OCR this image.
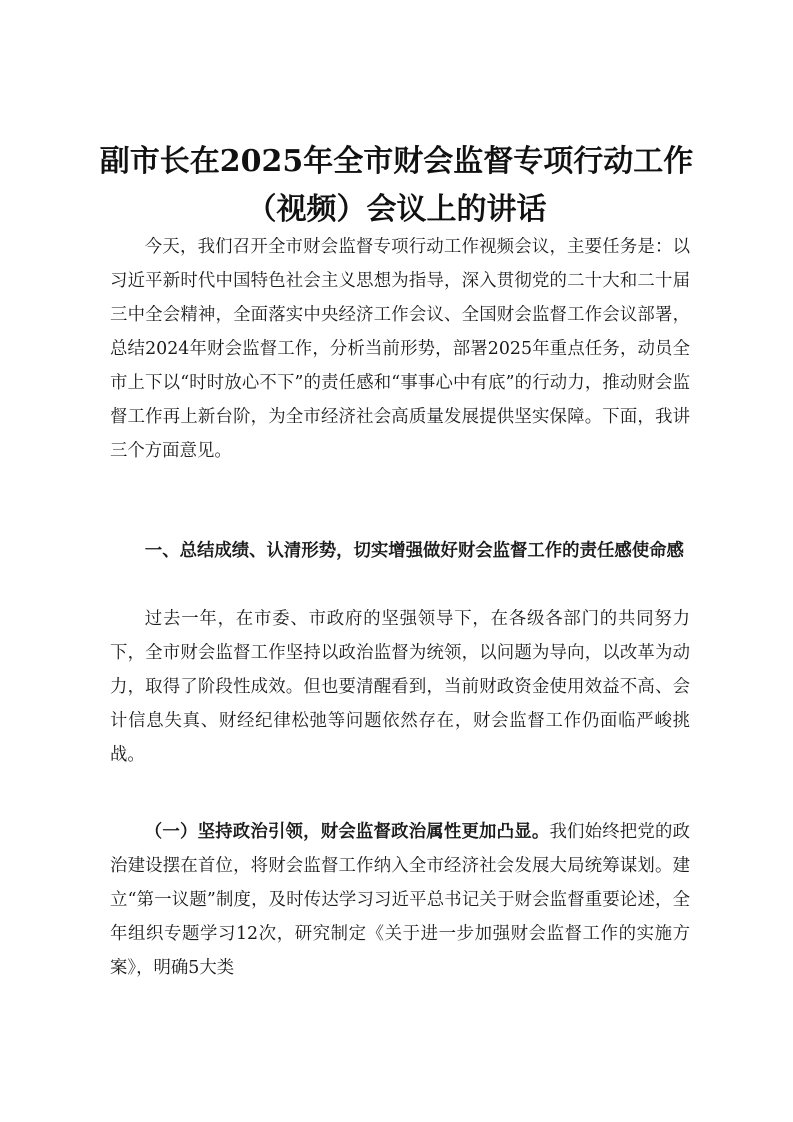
副市长在2025年全市财会监督专项行动工作
（视频）会议上的讲话
今天，我们召开全市财会监督专项行动工作视频会议，主要任务是：以习近平新时代中国特色社会主义思想为指导，深入贯彻党的二十大和二十届三中全会精神，全面落实中央经济工作会议、全国财会监督工作会议部署，总结2024年财会监督工作，分析当前形势，部署2025年重点任务，动员全市上下以“时时放心不下”的责任感和“事事心中有底”的行动力，推动财会监督工作再上新台阶，为全市经济社会高质量发展提供坚实保障。下面，我讲三个方面意见。
一、总结成绩、认清形势，切实增强做好财会监督工作的责任感使命感
过去一年，在市委、市政府的坚强领导下，在各级各部门的共同努力下，全市财会监督工作坚持以政治监督为统领，以问题为导向，以改革为动力，取得了阶段性成效。但也要清醒看到，当前财政资金使用效益不高、会计信息失真、财经纪律松弛等问题依然存在，财会监督工作仍面临严峻挑战。
（一）坚持政治引领，财会监督政治属性更加凸显。我们始终把党的政治建设摆在首位，将财会监督工作纳入全市经济社会发展大局统筹谋划。建立“第一议题”制度，及时传达学习习近平总书记关于财会监督重要论述，全年组织专题学习12次，研究制定《关于进一步加强财会监督工作的实施方案》，明确5大类
